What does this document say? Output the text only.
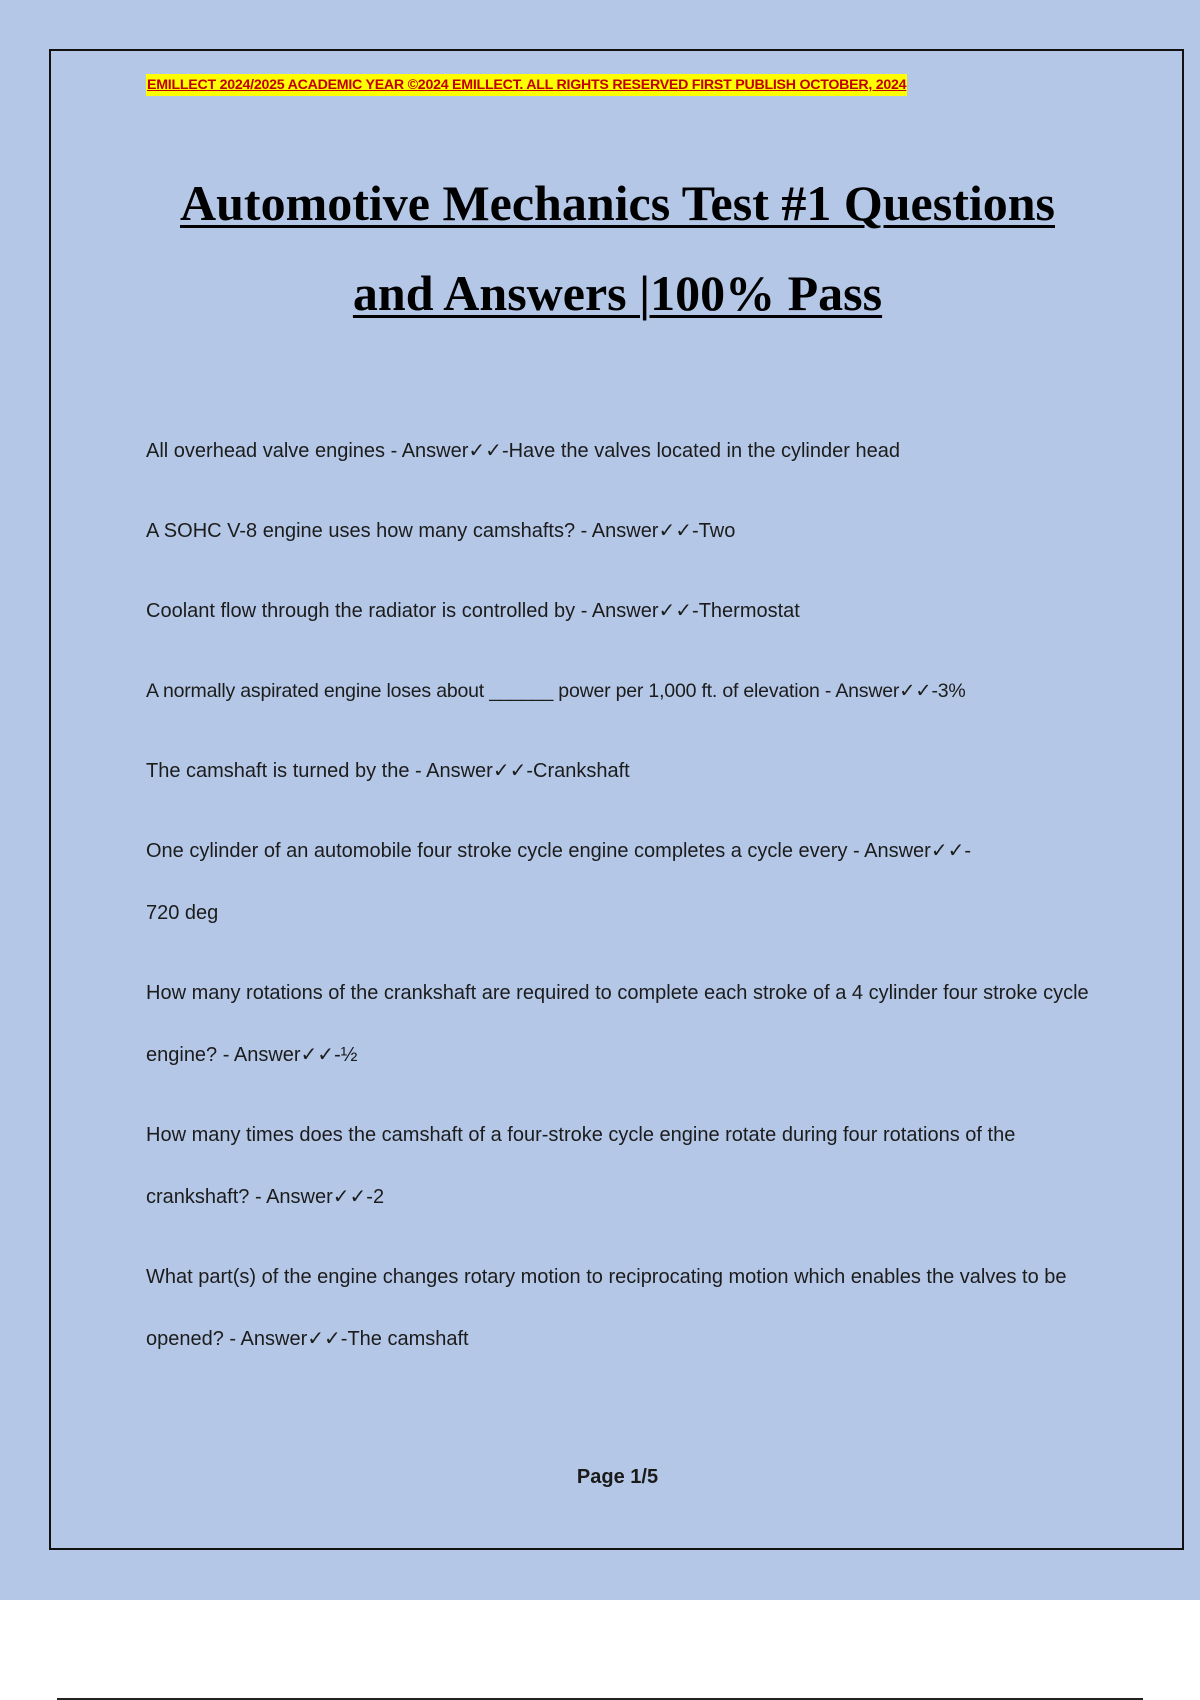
EMILLECT 2024/2025 ACADEMIC YEAR ©2024 EMILLECT. ALL RIGHTS RESERVED FIRST PUBLISH OCTOBER, 2024
Automotive Mechanics Test #1 Questions
and Answers |100% Pass
All overhead valve engines - Answer✓✓-Have the valves located in the cylinder head
A SOHC V-8 engine uses how many camshafts? - Answer✓✓-Two
Coolant flow through the radiator is controlled by - Answer✓✓-Thermostat
A normally aspirated engine loses about ______ power per 1,000 ft. of elevation - Answer✓✓-3%
The camshaft is turned by the - Answer✓✓-Crankshaft
One cylinder of an automobile four stroke cycle engine completes a cycle every - Answer✓✓-
720 deg
How many rotations of the crankshaft are required to complete each stroke of a 4 cylinder four stroke cycle engine? - Answer✓✓-½
How many times does the camshaft of a four-stroke cycle engine rotate during four rotations of the crankshaft? - Answer✓✓-2
What part(s) of the engine changes rotary motion to reciprocating motion which enables the valves to be opened? - Answer✓✓-The camshaft
Page 1/5
